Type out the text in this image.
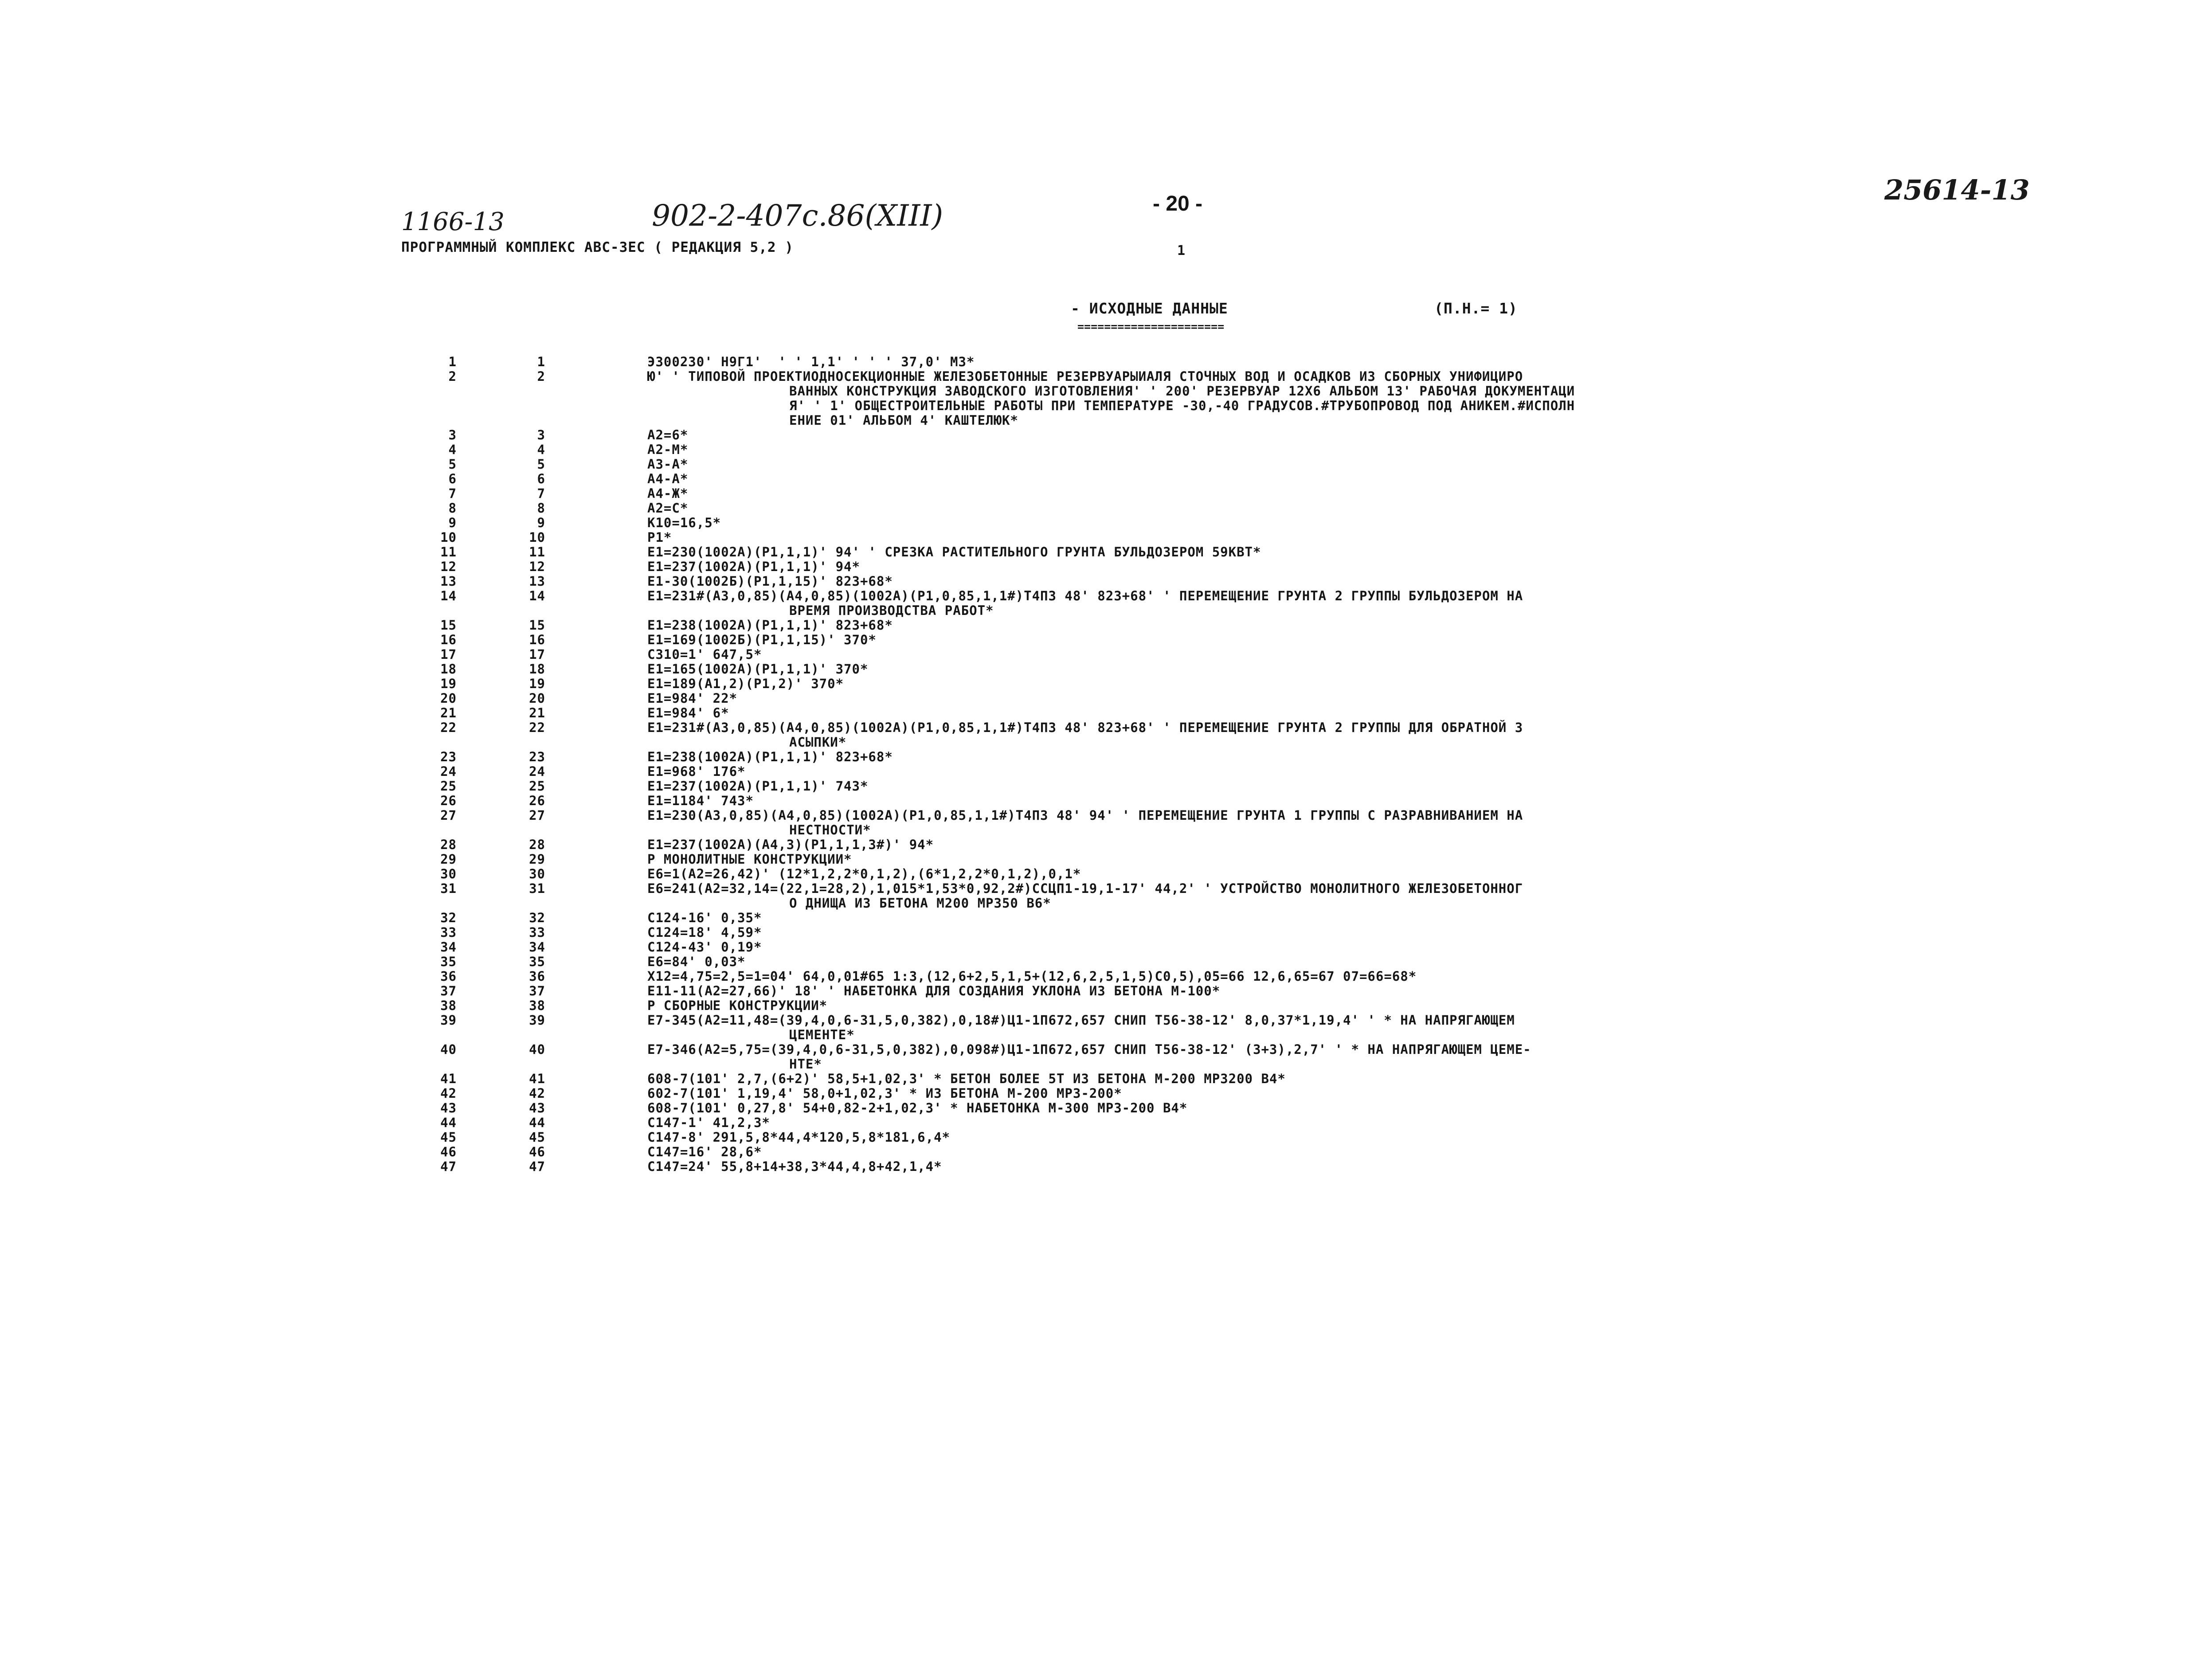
1166-13	902-2-407с.86(XIII)	- 20 -	25614-13
ПРОГРАММНЫЙ КОМПЛЕКС АВС-3ЕС ( РЕДАКЦИЯ 5,2 )	1
- ИСХОДНЫЕ ДАННЫЕ
======================
(П.Н.= 1)
1	1	Э300230' Н9Г1'  ' ' 1,1' ' ' ' 37,0' М3*
2	2	Ю' ' ТИПОВОЙ ПРОЕКТИОДНОСЕКЦИОННЫЕ ЖЕЛЕЗОБЕТОННЫЕ РЕЗЕРВУАРЫИАЛЯ СТОЧНЫХ ВОД И ОСАДКОВ ИЗ СБОРНЫХ УНИФИЦИРО
ВАННЫХ КОНСТРУКЦИЯ ЗАВОДСКОГО ИЗГОТОВЛЕНИЯ' ' 200' РЕЗЕРВУАР 12Х6 АЛЬБОМ 13' РАБОЧАЯ ДОКУМЕНТАЦИ
Я' ' 1' ОБЩЕСТРОИТЕЛЬНЫЕ РАБОТЫ ПРИ ТЕМПЕРАТУРЕ -30,-40 ГРАДУСОВ.#ТРУБОПРОВОД ПОД АНИКЕМ.#ИСПОЛН
ЕНИЕ 01' АЛЬБОМ 4' КАШТЕЛЮК*
3	3	А2=6*
4	4	А2-М*
5	5	А3-А*
6	6	А4-А*
7	7	А4-Ж*
8	8	А2=С*
9	9	К10=16,5*
10	10	Р1*
11	11	Е1=230(1002А)(Р1,1,1)' 94' ' СРЕЗКА РАСТИТЕЛЬНОГО ГРУНТА БУЛЬДОЗЕРОМ 59КВТ*
12	12	Е1=237(1002А)(Р1,1,1)' 94*
13	13	Е1-30(1002Б)(Р1,1,15)' 823+68*
14	14	Е1=231#(А3,0,85)(А4,0,85)(1002А)(Р1,0,85,1,1#)Т4П3 48' 823+68' ' ПЕРЕМЕЩЕНИЕ ГРУНТА 2 ГРУППЫ БУЛЬДОЗЕРОМ НА
ВРЕМЯ ПРОИЗВОДСТВА РАБОТ*
15	15	Е1=238(1002А)(Р1,1,1)' 823+68*
16	16	Е1=169(1002Б)(Р1,1,15)' 370*
17	17	С310=1' 647,5*
18	18	Е1=165(1002А)(Р1,1,1)' 370*
19	19	Е1=189(А1,2)(Р1,2)' 370*
20	20	Е1=984' 22*
21	21	Е1=984' 6*
22	22	Е1=231#(А3,0,85)(А4,0,85)(1002А)(Р1,0,85,1,1#)Т4П3 48' 823+68' ' ПЕРЕМЕЩЕНИЕ ГРУНТА 2 ГРУППЫ ДЛЯ ОБРАТНОЙ З
АСЫПКИ*
23	23	Е1=238(1002А)(Р1,1,1)' 823+68*
24	24	Е1=968' 176*
25	25	Е1=237(1002А)(Р1,1,1)' 743*
26	26	Е1=1184' 743*
27	27	Е1=230(А3,0,85)(А4,0,85)(1002А)(Р1,0,85,1,1#)Т4П3 48' 94' ' ПЕРЕМЕЩЕНИЕ ГРУНТА 1 ГРУППЫ С РАЗРАВНИВАНИЕМ НА
НЕСТНОСТИ*
28	28	Е1=237(1002А)(А4,3)(Р1,1,1,3#)' 94*
29	29	Р МОНОЛИТНЫЕ КОНСТРУКЦИИ*
30	30	Е6=1(А2=26,42)' (12*1,2,2*0,1,2),(6*1,2,2*0,1,2),0,1*
31	31	Е6=241(А2=32,14=(22,1=28,2),1,015*1,53*0,92,2#)ССЦП1-19,1-17' 44,2' ' УСТРОЙСТВО МОНОЛИТНОГО ЖЕЛЕЗОБЕТОННОГ
О ДНИЩА ИЗ БЕТОНА М200 МРЗ50 В6*
32	32	С124-16' 0,35*
33	33	С124=18' 4,59*
34	34	С124-43' 0,19*
35	35	Е6=84' 0,03*
36	36	Х12=4,75=2,5=1=04' 64,0,01#65 1:3,(12,6+2,5,1,5+(12,6,2,5,1,5)С0,5),05=66 12,6,65=67 07=66=68*
37	37	Е11-11(А2=27,66)' 18' ' НАБЕТОНКА ДЛЯ СОЗДАНИЯ УКЛОНА ИЗ БЕТОНА М-100*
38	38	Р СБОРНЫЕ КОНСТРУКЦИИ*
39	39	Е7-345(А2=11,48=(39,4,0,6-31,5,0,382),0,18#)Ц1-1П672,657 СНИП Т56-38-12' 8,0,37*1,19,4' ' * НА НАПРЯГАЮЩЕМ
ЦЕМЕНТЕ*
40	40	Е7-346(А2=5,75=(39,4,0,6-31,5,0,382),0,098#)Ц1-1П672,657 СНИП Т56-38-12' (3+3),2,7' ' * НА НАПРЯГАЮЩЕМ ЦЕМЕ-
НТЕ*
41	41	608-7(101' 2,7,(6+2)' 58,5+1,02,3' * БЕТОН БОЛЕЕ 5Т ИЗ БЕТОНА М-200 МРЗ200 В4*
42	42	602-7(101' 1,19,4' 58,0+1,02,3' * ИЗ БЕТОНА М-200 МРЗ-200*
43	43	608-7(101' 0,27,8' 54+0,82-2+1,02,3' * НАБЕТОНКА М-300 МРЗ-200 В4*
44	44	С147-1' 41,2,3*
45	45	С147-8' 291,5,8*44,4*120,5,8*181,6,4*
46	46	С147=16' 28,6*
47	47	С147=24' 55,8+14+38,3*44,4,8+42,1,4*
